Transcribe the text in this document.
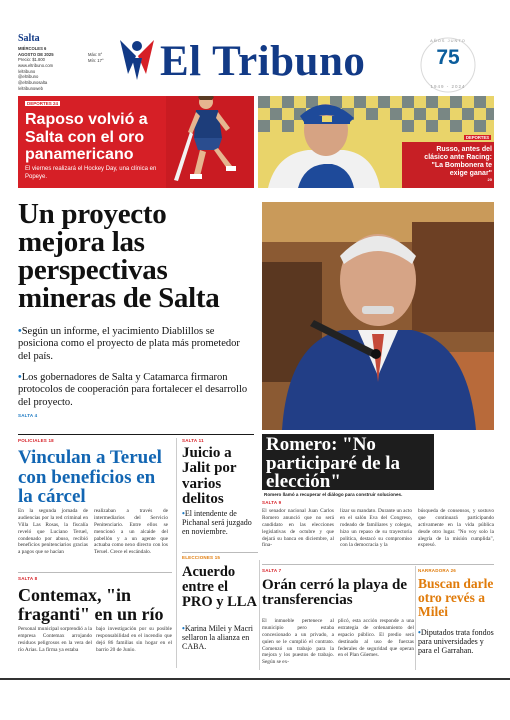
Salta
MIÉRCOLES 6
AGOSTO DE 2025
Precio: $1.800
www.eltribuno.com
/eltribuno
@eltribuno
@eltribunosalta
/eltribunoweb
Máx: 8°
Mín: 17°	El Tribuno	AÑOS JUNTO
75
1949 - 2024
DEPORTES 24
Raposo volvió a Salta con el oro panamericano
El viernes realizará el Hockey Day, una clínica en Popeye.
DEPORTES
Russo, antes del
clásico ante Racing:
"La Bombonera te
exige ganar"
20
Un proyecto mejora las perspectivas mineras de Salta
•Según un informe, el yacimiento Diablillos se posiciona como el proyecto de plata más prometedor del país.
•Los gobernadores de Salta y Catamarca firmaron protocolos de cooperación para fortalecer el desarrollo del proyecto.
SALTA 4
Romero: "No participaré de la elección"
Romero llamó a recuperar el diálogo para construir soluciones.
POLICIALES 18
Vinculan a Teruel con beneficios en la cárcel
En la segunda jornada de audiencias por la red criminal en Villa Las Rosas, la fiscalía reveló que Luciano Teruel, condenado por abuso, recibió beneficios penitenciarios gracias a pagos que se hacían
realizaban a través de intermediarios del Servicio Penitenciario. Entre ellos se mencionó a un alcaide del pabellón y a un agente que actuaba como nexo directo con los Teruel. Crece el escándalo.
SALTA 11
Juicio a Jalit por varios delitos
•El intendente de Pichanal será juzgado en noviembre.
ELECCIONES 15
Acuerdo entre el PRO y LLA
•Karina Milei y Macri sellaron la alianza en CABA.
SALTA 9
El senador nacional Juan Carlos Romero anunció que no será candidato en las elecciones legislativas de octubre y que dejará su banca en diciembre, al fina-
lizar su mandato. Durante un acto en el salón Eva del Congreso, rodeado de familiares y colegas, hizo un repaso de su trayectoria política, destacó su compromiso con la democracia y la
búsqueda de consensos, y sostuvo que continuará participando activamente en la vida pública desde otro lugar. "No voy solo la alegría de la misión cumplida", expresó.
SALTA 8
Contemax, "in fraganti" en un río
Personal municipal sorprendió a la empresa Contemax arrojando residuos peligrosos en la vera del río Arias. La firma ya estaba
bajo investigación por su posible responsabilidad en el incendio que dejó 86 familias sin hogar en el barrio 20 de Junio.
SALTA 7
Orán cerró la playa de transferencias
El inmueble pertenece al municipio pero estaba concesionado a un privado, a quien se le cumplió el contrato. Comenzó un trabajo para la mejora y los puestos de trabajo. Según se ex-
plicó, esta acción responde a una estrategia de ordenamiento del espacio público. El predio será destinado al uso de fuerzas federales de seguridad que operan en el Plan Güemes.
NARRADORA 26
Buscan darle otro revés a Milei
•Diputados trata fondos para universidades y para el Garrahan.
